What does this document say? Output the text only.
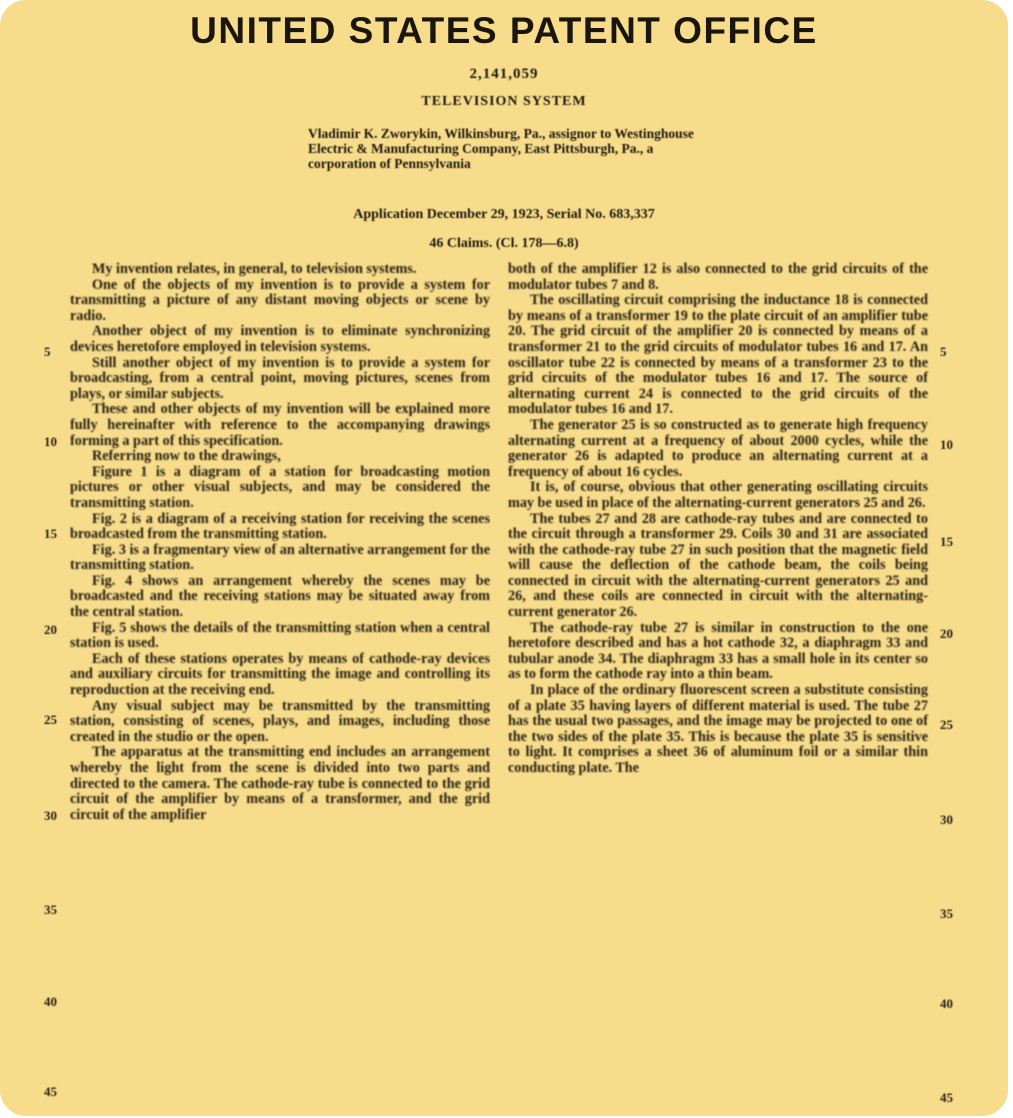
UNITED STATES PATENT OFFICE
2,141,059
TELEVISION SYSTEM
Vladimir K. Zworykin, Wilkinsburg, Pa., assignor to Westinghouse Electric & Manufacturing Company, East Pittsburgh, Pa., a corporation of Pennsylvania
Application December 29, 1923, Serial No. 683,337
46 Claims. (Cl. 178—6.8)

My invention relates, in general, to television systems.

One of the objects of my invention is to provide a system for transmitting a picture of any distant moving objects or scene by radio.

Another object of my invention is to eliminate synchronizing devices heretofore employed in television systems.

Still another object of my invention is to provide a system for broadcasting, from a central point, moving pictures, scenes from plays, or similar subjects.

These and other objects of my invention will be explained more fully hereinafter with reference to the accompanying drawings forming a part of this specification.

Referring now to the drawings,

Figure 1 is a diagram of a station for broadcasting motion pictures or other visual subjects, and may be considered the transmitting station.

Fig. 2 is a diagram of a receiving station for receiving the scenes broadcasted from the transmitting station.

Fig. 3 is a fragmentary view of an alternative arrangement for the transmitting station.

Fig. 4 shows an arrangement whereby the scenes may be broadcasted and the receiving stations may be situated away from the central station.

Fig. 5 shows the details of the transmitting station when a central station is used.

Each of these stations operates by means of cathode-ray devices and auxiliary circuits for transmitting the image and controlling its reproduction at the receiving end.

Any visual subject may be transmitted by the transmitting station, consisting of scenes, plays, and images, including those created in the studio or the open.

The apparatus at the transmitting end includes an arrangement whereby the light from the scene is divided into two parts and directed to the camera. The cathode-ray tube is connected to the grid circuit of the amplifier by means of a transformer, and the grid circuit of the amplifier

both of the amplifier 12 is also connected to the grid circuits of the modulator tubes 7 and 8.

The oscillating circuit comprising the inductance 18 is connected by means of a transformer 19 to the plate circuit of an amplifier tube 20. The grid circuit of the amplifier 20 is connected by means of a transformer 21 to the grid circuits of modulator tubes 16 and 17. An oscillator tube 22 is connected by means of a transformer 23 to the grid circuits of the modulator tubes 16 and 17. The source of alternating current 24 is connected to the grid circuits of the modulator tubes 16 and 17.

The generator 25 is so constructed as to generate high frequency alternating current at a frequency of about 2000 cycles, while the generator 26 is adapted to produce an alternating current at a frequency of about 16 cycles.

It is, of course, obvious that other generating oscillating circuits may be used in place of the alternating-current generators 25 and 26.

The tubes 27 and 28 are cathode-ray tubes and are connected to the circuit through a transformer 29. Coils 30 and 31 are associated with the cathode-ray tube 27 in such position that the magnetic field will cause the deflection of the cathode beam, the coils being connected in circuit with the alternating-current generators 25 and 26, and these coils are connected in circuit with the alternating-current generator 26.

The cathode-ray tube 27 is similar in construction to the one heretofore described and has a hot cathode 32, a diaphragm 33 and tubular anode 34. The diaphragm 33 has a small hole in its center so as to form the cathode ray into a thin beam.

In place of the ordinary fluorescent screen a substitute consisting of a plate 35 having layers of different material is used. The tube 27 has the usual two passages, and the image may be projected to one of the two sides of the plate 35. This is because the plate 35 is sensitive to light. It comprises a sheet 36 of aluminum foil or a similar thin conducting plate. The

5
10
15
20
25
30
35
40
45
5
10
15
20
25
30
35
40
45
